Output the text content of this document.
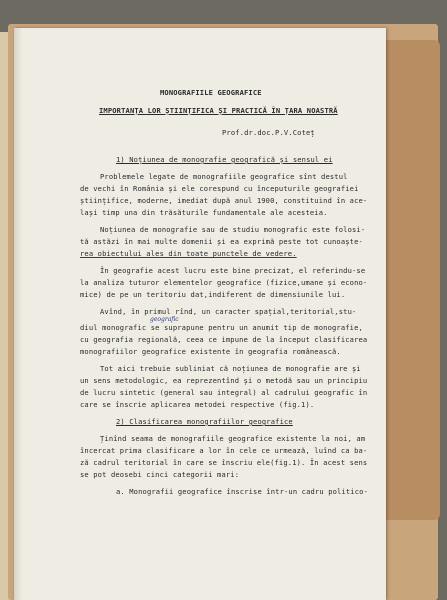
MONOGRAFIILE GEOGRAFICE
IMPORTANȚA LOR ȘTIINȚIFICA ȘI PRACTICĂ ÎN ȚARA NOASTRĂ
Prof.dr.doc.P.V.Coteț
1) Noțiunea de monografie geografică și sensul ei
Problemele legate de monografiile geografice sînt destul
de vechi în România și ele corespund cu începuturile geografiei
științifice, moderne, imediat după anul 1900, constituind în ace-
lași timp una din trăsăturile fundamentale ale acesteia.
Noțiunea de monografie sau de studiu monografic este folosi-
tă astăzi în mai multe domenii și ea exprimă peste tot cunoaște-
rea obiectului ales din toate punctele de vedere.
În geografie acest lucru este bine precizat, el referindu-se
la analiza tuturor elementelor geografice (fizice,umane și econo-
mice) de pe un teritoriu dat,indiferent de dimensiunile lui.
Avînd, în primul rînd, un caracter spațial,teritorial,stu-
geografic
diul monografic se suprapune pentru un anumit tip de monografie,
cu geografia regională, ceea ce impune de la început clasificarea
monografiilor geografice existente în geografia românească.
Tot aici trebuie subliniat că noțiunea de monografie are și
un sens metodologic, ea reprezentînd și o metodă sau un principiu
de lucru sintetic (general sau integral) al cadrului geografic în
care se înscrie aplicarea metodei respective (fig.1).
2) Clasificarea monografiilor geografice
Ținînd seama de monografiile geografice existente la noi, am
încercat prima clasificare a lor în cele ce urmează, luînd ca ba-
ză cadrul teritorial în care se înscriu ele(fig.1). În acest sens
se pot deosebi cinci categorii mari:
a. Monografii geografice înscrise într-un cadru politico-
